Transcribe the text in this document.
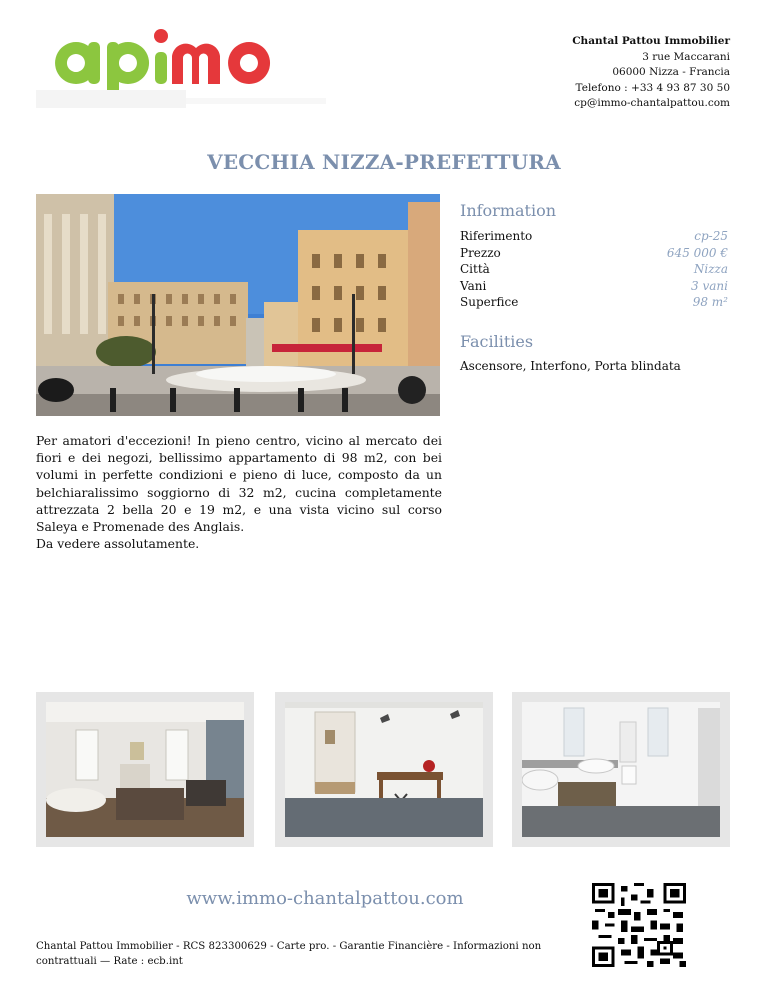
Chantal Pattou Immobilier
3 rue Maccarani
06000 Nizza - Francia
Telefono : +33 4 93 87 30 50
cp@immo-chantalpattou.com
VECCHIA NIZZA-PREFETTURA
Information
Riferimento	cp-25
Prezzo	645 000 €
Città	Nizza
Vani	3 vani
Superfice	98 m²
Facilities
Ascensore, Interfono, Porta blindata
Per amatori d'eccezioni! In pieno centro, vicino al mercato dei fiori e dei negozi, bellissimo appartamento di 98 m2, con bei volumi in perfette condizioni e pieno di luce, composto da un belchiaralissimo soggiorno di 32 m2, cucina completamente attrezzata 2 bella 20 e 19 m2, e una vista vicino sul corso Saleya e Promenade des Anglais.
Da vedere assolutamente.
www.immo-chantalpattou.com
Chantal Pattou Immobilier - RCS 823300629 - Carte pro. - Garantie Financière - Informazioni non contrattuali — Rate : ecb.int
